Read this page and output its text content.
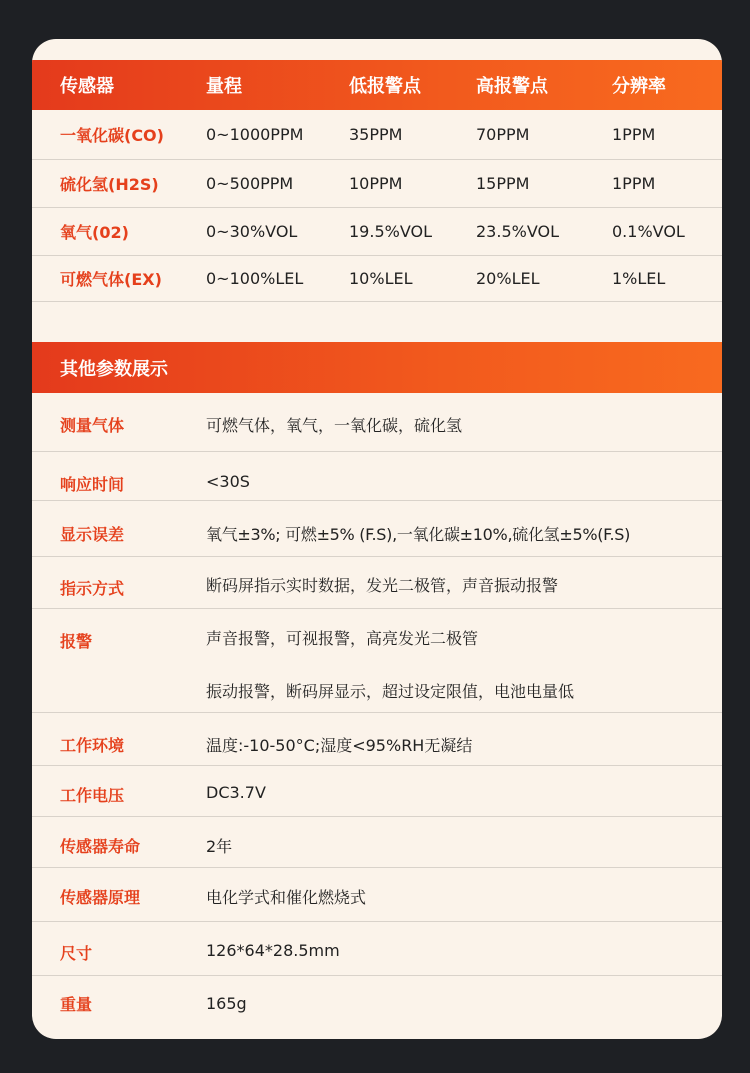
传感器	量程	低报警点	高报警点	分辨率
一氧化碳(CO)	0~1000PPM	35PPM	70PPM	1PPM
硫化氢(H2S)	0~500PPM	10PPM	15PPM	1PPM
氧气(02)	0~30%VOL	19.5%VOL	23.5%VOL	0.1%VOL
可燃气体(EX)	0~100%LEL	10%LEL	20%LEL	1%LEL
其他参数展示
测量气体	可燃气体，氧气，一氧化碳，硫化氢
响应时间	<30S
显示误差	氧气±3%; 可燃±5% (F.S),一氧化碳±10%,硫化氢±5%(F.S)
指示方式	断码屏指示实时数据，发光二极管，声音振动报警
报警	声音报警，可视报警，高亮发光二极管
振动报警，断码屏显示，超过设定限值，电池电量低
工作环境	温度:-10-50°C;湿度<95%RH无凝结
工作电压	DC3.7V
传感器寿命	2年
传感器原理	电化学式和催化燃烧式
尺寸	126*64*28.5mm
重量	165g
